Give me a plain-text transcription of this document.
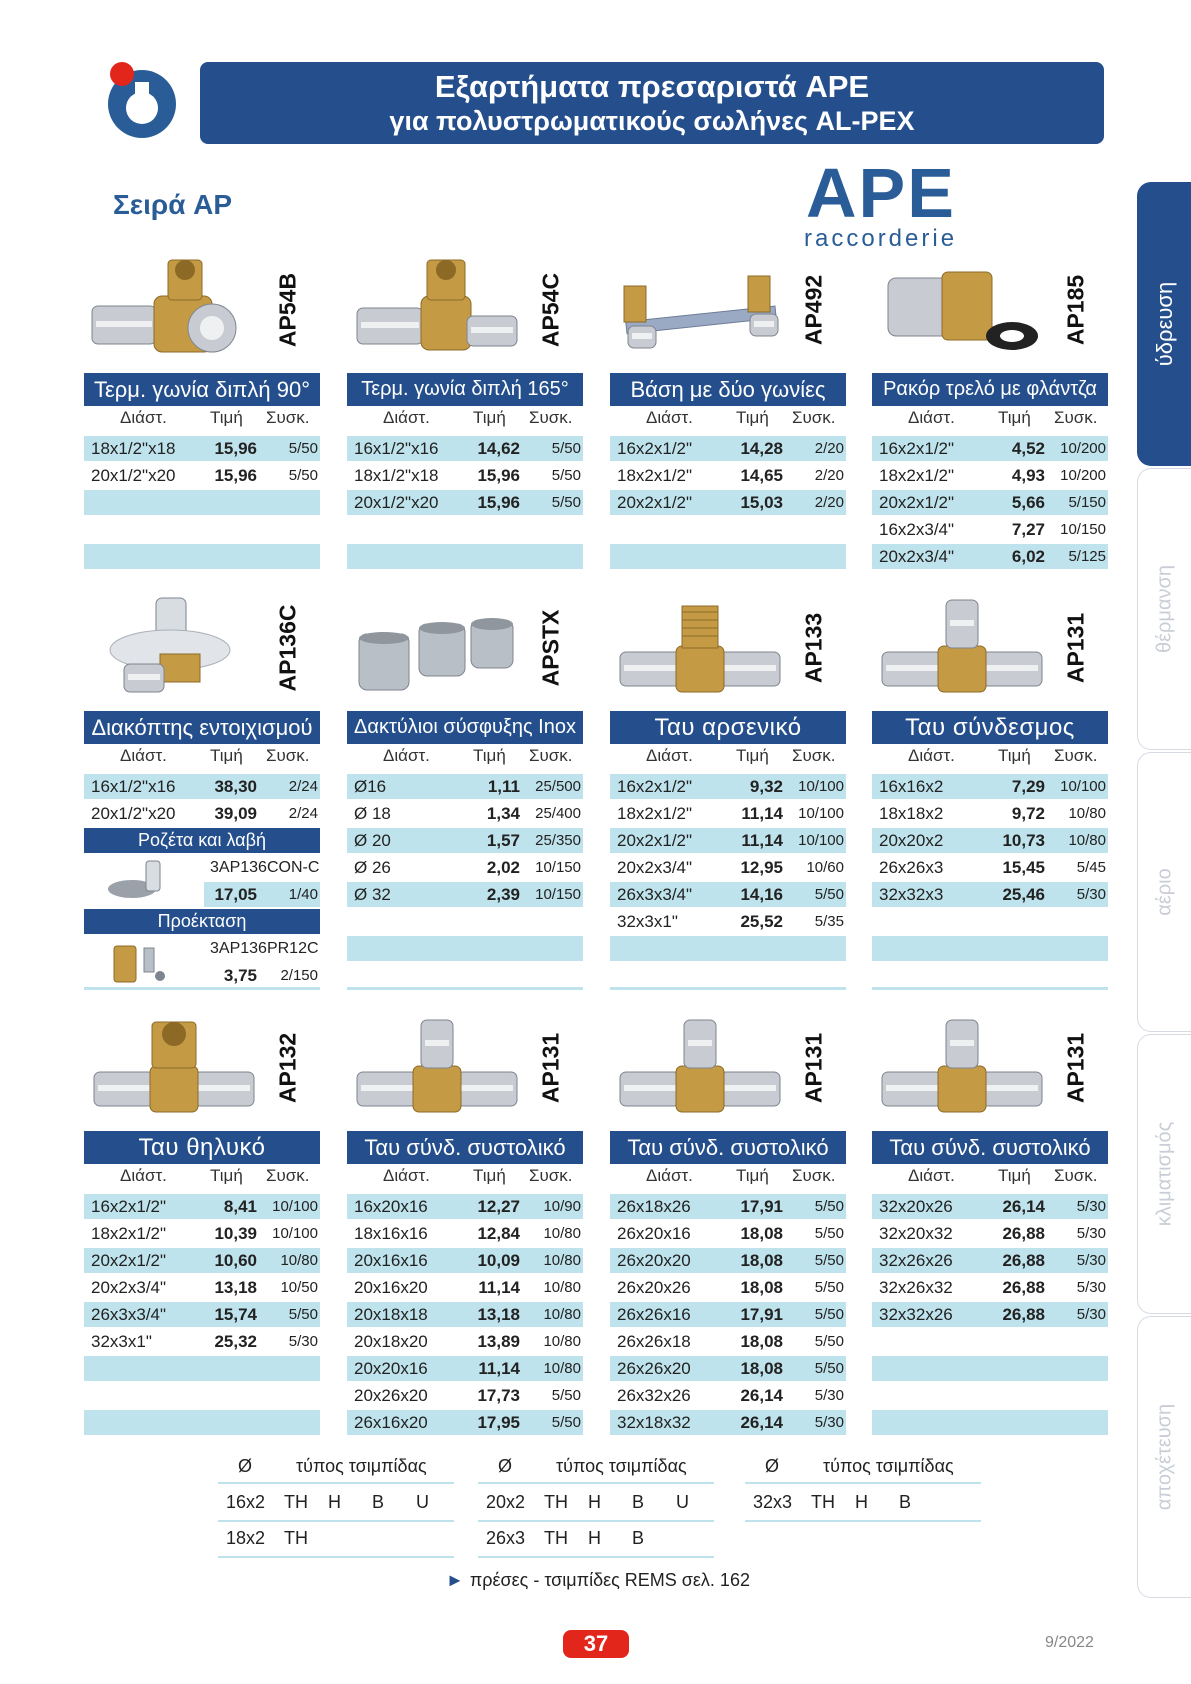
Εξαρτήματα πρεσαριστά APE
για πολυστρωματικούς σωλήνες AL-PEX
Σειρά AP	APE
raccorderie
ύδρευση
θέρμανση
αέριο
κλιματισμός
αποχέτευση
AP54B
Τερμ. γωνία διπλή 90°
Διάστ.	Τιμή Συσκ.
18x1/2"x18 15,96 5/50
20x1/2"x20 15,96 5/50
AP54C
Τερμ. γωνία διπλή 165°
Διάστ.	Τιμή Συσκ.
16x1/2"x16 14,62 5/50
18x1/2"x18 15,96 5/50
20x1/2"x20 15,96 5/50
AP492
Βάση με δύο γωνίες
Διάστ.	Τιμή Συσκ.
16x2x1/2"	14,28 2/20
18x2x1/2"	14,65 2/20
20x2x1/2"	15,03 2/20
AP185
Ρακόρ τρελό με φλάντζα
Διάστ.	Τιμή Συσκ.
16x2x1/2"	4,52 10/200
18x2x1/2"	4,93 10/200
20x2x1/2"	5,66 5/150
16x2x3/4"	7,27 10/150
20x2x3/4"	6,02 5/125
AP136C
Διακόπτης εντοιχισμού
Διάστ.	Τιμή Συσκ.
16x1/2"x16 38,30 2/24
20x1/2"x20 39,09 2/24
Ροζέτα και λαβή
3AP136CON-C
17,05 1/40
Προέκταση
3AP136PR12C
3,75 2/150
APSTX
Δακτύλιοι σύσφυξης Inox
Διάστ.	Τιμή Συσκ.
Ø16	1,11 25/500
Ø 18	1,34 25/400
Ø 20	1,57 25/350
Ø 26	2,02 10/150
Ø 32	2,39 10/150
AP133
Ταυ αρσενικό
Διάστ.	Τιμή Συσκ.
16x2x1/2"	9,32 10/100
18x2x1/2"	11,14 10/100
20x2x1/2"	11,14 10/100
20x2x3/4"	12,95 10/60
26x3x3/4"	14,16 5/50
32x3x1"	25,52 5/35
AP131
Ταυ σύνδεσμος
Διάστ.	Τιμή Συσκ.
16x16x2	7,29 10/100
18x18x2	9,72 10/80
20x20x2	10,73 10/80
26x26x3	15,45 5/45
32x32x3	25,46 5/30
AP132
Ταυ θηλυκό
Διάστ.	Τιμή Συσκ.
16x2x1/2"	8,41 10/100
18x2x1/2"	10,39 10/100
20x2x1/2"	10,60 10/80
20x2x3/4"	13,18 10/50
26x3x3/4"	15,74 5/50
32x3x1"	25,32 5/30
AP131
Ταυ σύνδ. συστολικό
Διάστ.	Τιμή Συσκ.
16x20x16	12,27 10/90
18x16x16	12,84 10/80
20x16x16	10,09 10/80
20x16x20	11,14 10/80
20x18x18	13,18 10/80
20x18x20	13,89 10/80
20x20x16	11,14 10/80
20x26x20	17,73 5/50
26x16x20	17,95 5/50
AP131
Ταυ σύνδ. συστολικό
Διάστ.	Τιμή Συσκ.
26x18x26	17,91 5/50
26x20x16	18,08 5/50
26x20x20	18,08 5/50
26x20x26	18,08 5/50
26x26x16	17,91 5/50
26x26x18	18,08 5/50
26x26x20	18,08 5/50
26x32x26	26,14 5/30
32x18x32	26,14 5/30
AP131
Ταυ σύνδ. συστολικό
Διάστ.	Τιμή Συσκ.
32x20x26	26,14 5/30
32x20x32	26,88 5/30
32x26x26	26,88 5/30
32x26x32	26,88 5/30
32x32x26	26,88 5/30
Ø τύπος τσιμπίδας
16x2 TH H B U
18x2 TH
Ø τύπος τσιμπίδας
20x2 TH H B U
26x3 TH H B
Ø τύπος τσιμπίδας
32x3 TH H B
► πρέσες - τσιμπίδες REMS σελ. 162
37	9/2022
